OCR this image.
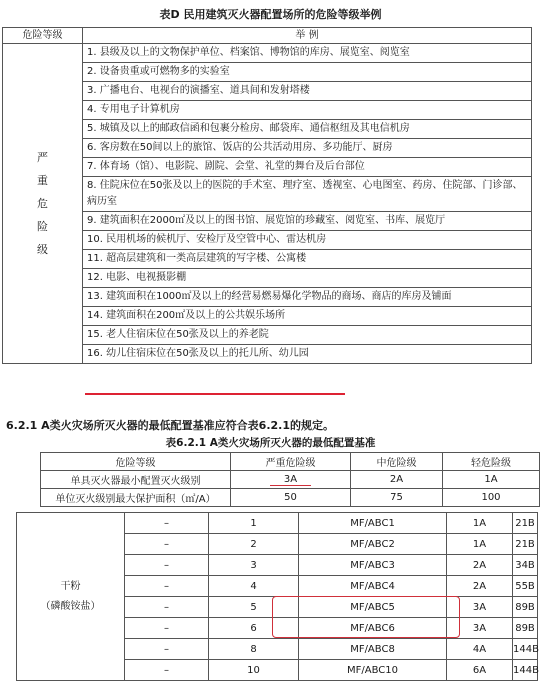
表D 民用建筑灭火器配置场所的危险等级举例
危险等级	举 例

严
重
危
险
级	1. 县级及以上的文物保护单位、档案馆、博物馆的库房、展览室、阅览室
	2. 设备贵重或可燃物多的实验室
	3. 广播电台、电视台的演播室、道具间和发射塔楼
	4. 专用电子计算机房
	5. 城镇及以上的邮政信函和包裹分检房、邮袋库、通信枢纽及其电信机房
	6. 客房数在50间以上的旅馆、饭店的公共活动用房、多功能厅、厨房
	7. 体育场（馆）、电影院、剧院、会堂、礼堂的舞台及后台部位
	8. 住院床位在50张及以上的医院的手术室、理疗室、透视室、心电图室、药房、住院部、门诊部、病历室
	9. 建筑面积在2000㎡及以上的图书馆、展览馆的珍藏室、阅览室、书库、展览厅
	10. 民用机场的候机厅、安检厅及空管中心、雷达机房
	11. 超高层建筑和一类高层建筑的写字楼、公寓楼
	12. 电影、电视摄影棚
	13. 建筑面积在1000㎡及以上的经营易燃易爆化学物品的商场、商店的库房及铺面
	14. 建筑面积在200㎡及以上的公共娱乐场所
	15. 老人住宿床位在50张及以上的养老院
	16. 幼儿住宿床位在50张及以上的托儿所、幼儿园
6.2.1 A类火灾场所灭火器的最低配置基准应符合表6.2.1的规定。
表6.2.1 A类火灾场所灭火器的最低配置基准
危险等级	严重危险级	中危险级	轻危险级
单具灭火器最小配置灭火级别	3A	2A	1A
单位灭火级别最大保护面积（㎡/A）	50	75	100
干粉
（磷酸铵盐）	–	1	MF/ABC1	1A	21B
	–	2	MF/ABC2	1A	21B
	–	3	MF/ABC3	2A	34B
	–	4	MF/ABC4	2A	55B
	–	5	MF/ABC5	3A	89B
	–	6	MF/ABC6	3A	89B
	–	8	MF/ABC8	4A	144B
	–	10	MF/ABC10	6A	144B
